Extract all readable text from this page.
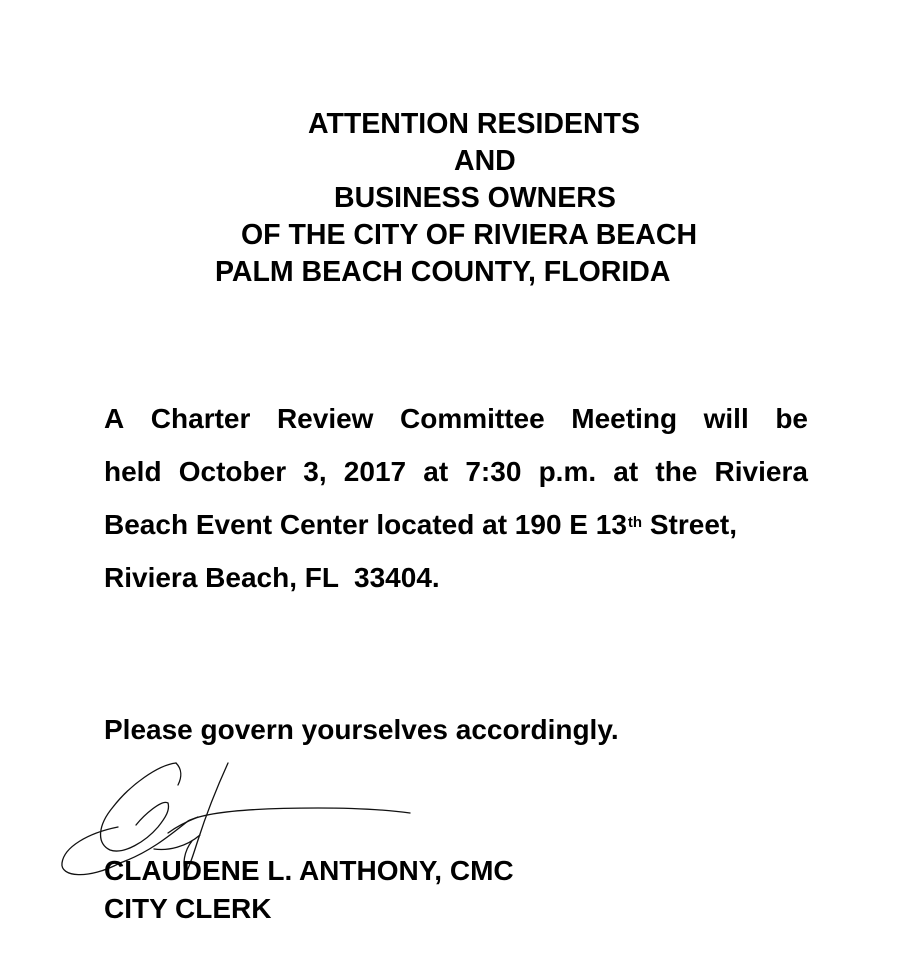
ATTENTION RESIDENTS
AND
BUSINESS OWNERS
OF THE CITY OF RIVIERA BEACH
PALM BEACH COUNTY, FLORIDA
A Charter Review Committee Meeting will be
held October 3, 2017 at 7:30 p.m. at the Riviera
Beach Event Center located at 190 E 13th Street,
Riviera Beach, FL  33404.
Please govern yourselves accordingly.
CLAUDENE L. ANTHONY, CMC
CITY CLERK
